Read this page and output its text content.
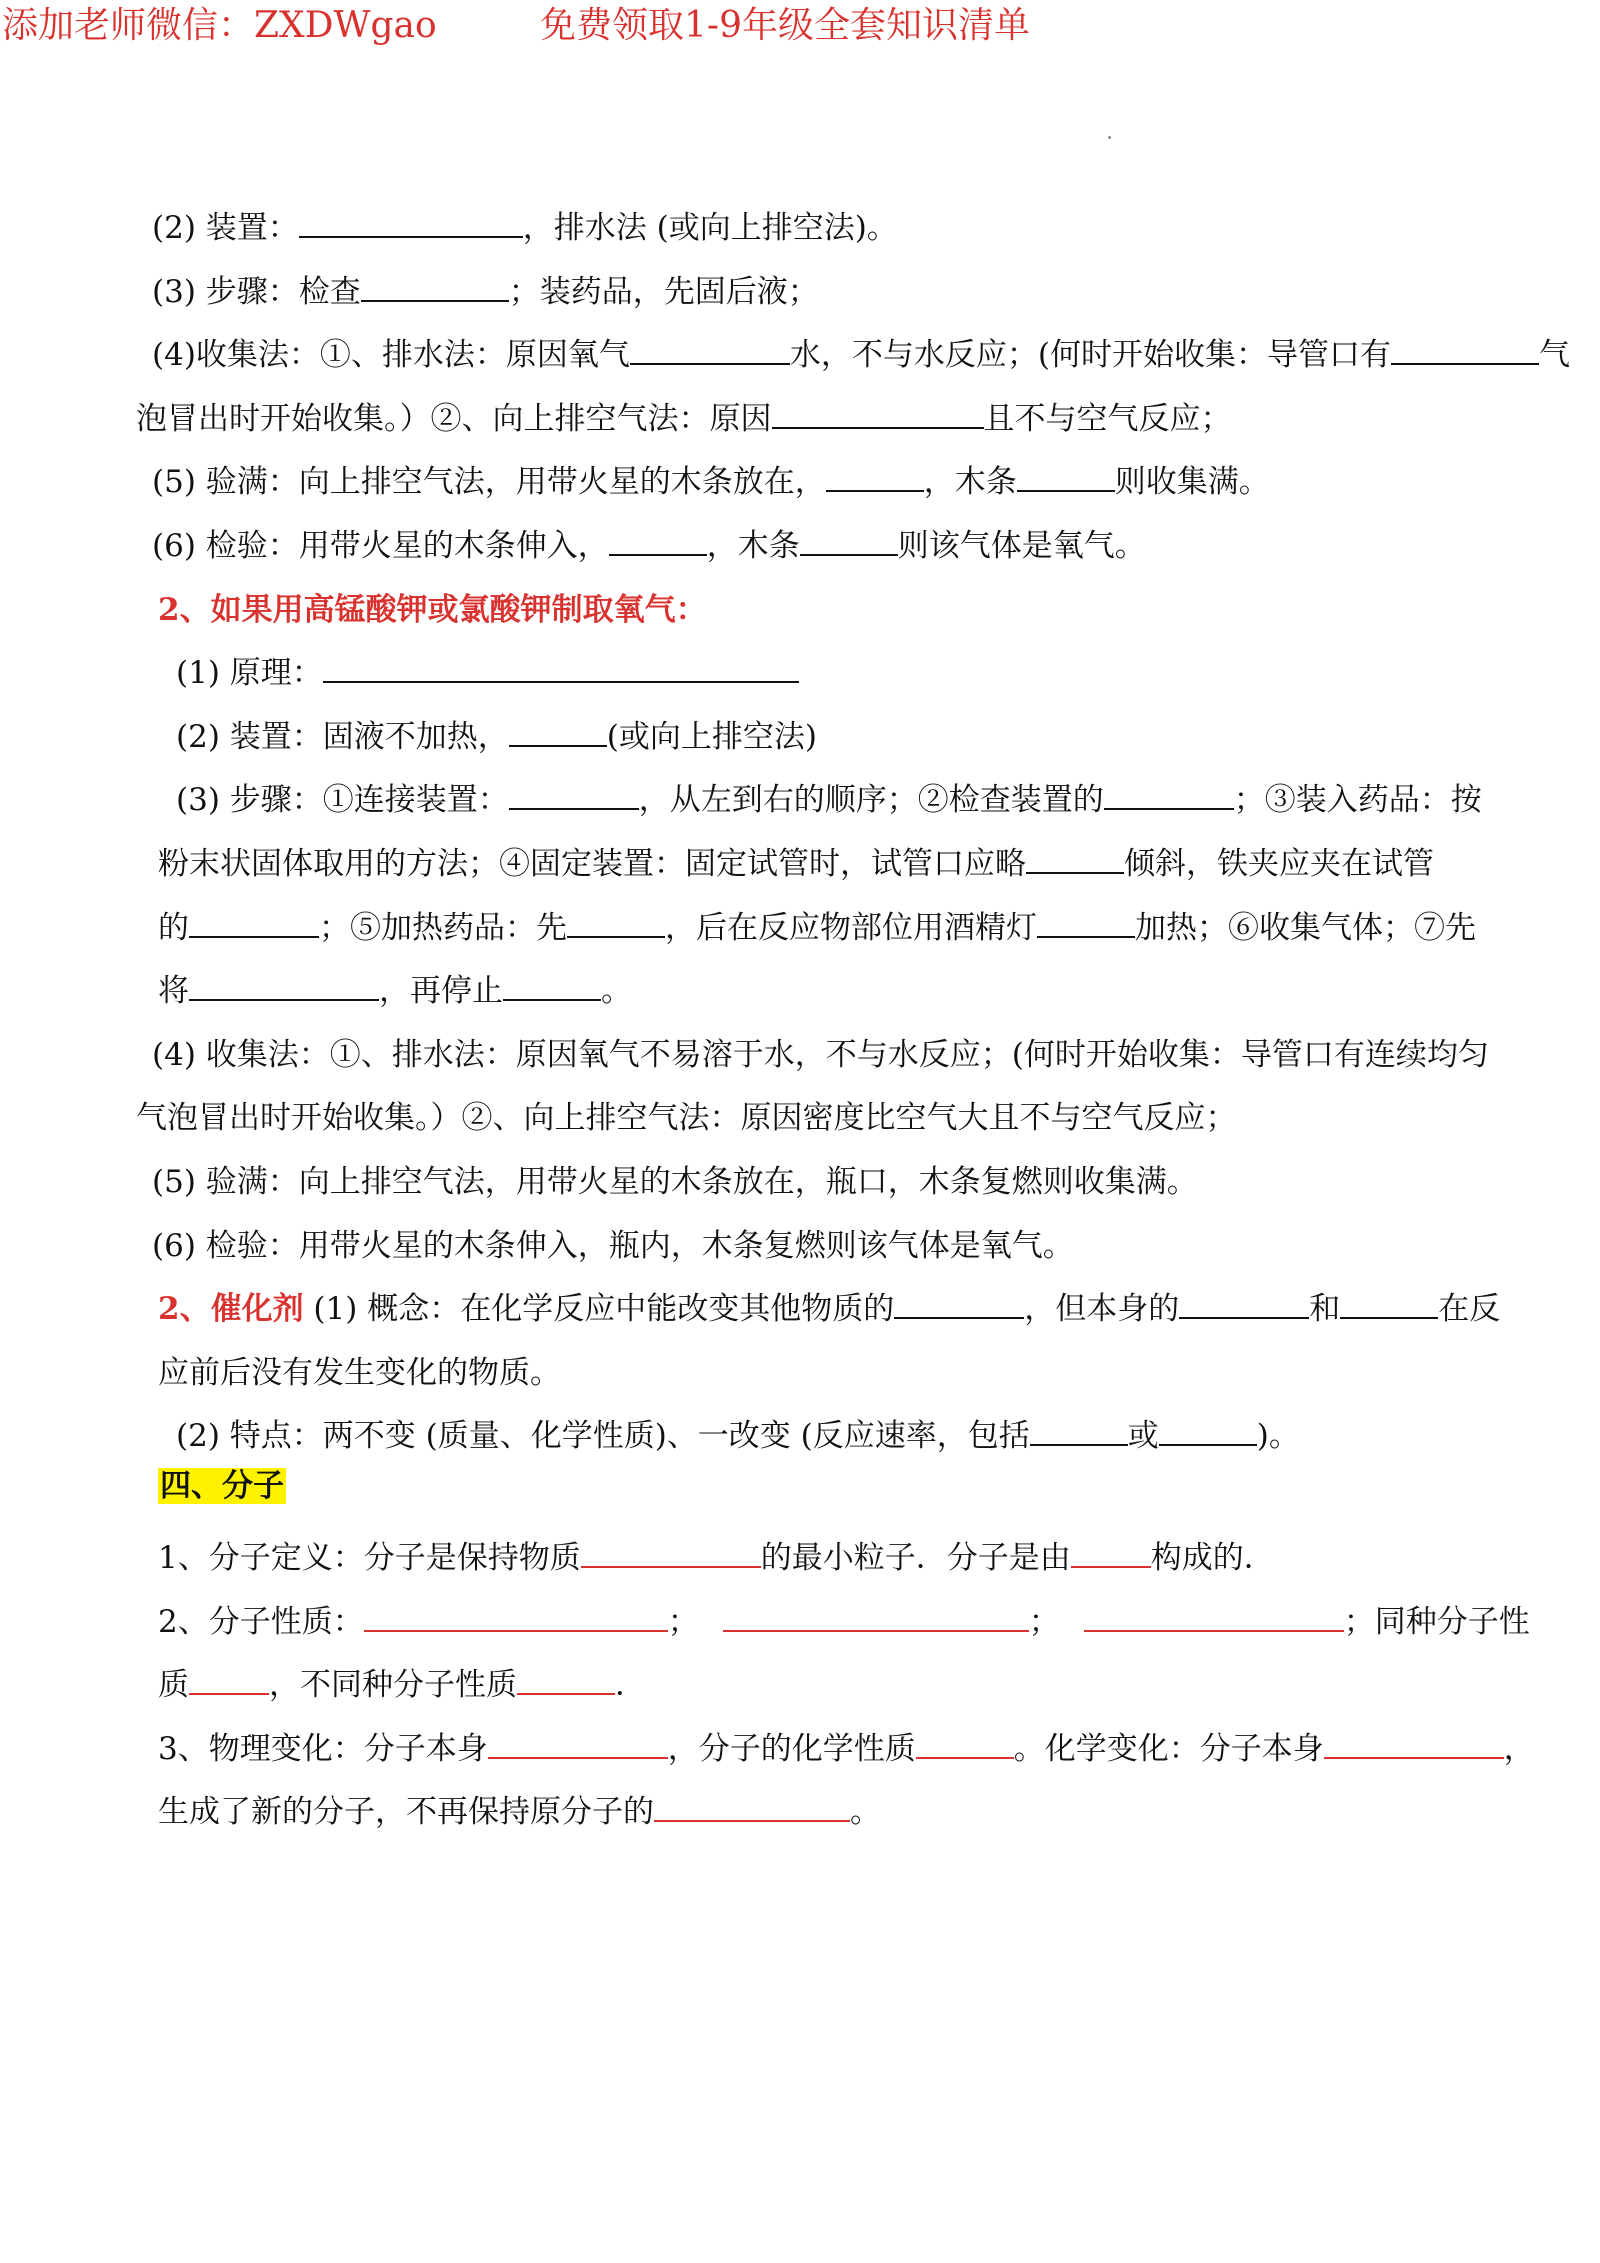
添加老师微信：ZXDWgao	免费领取1-9年级全套知识清单
(2) 装置：	，排水法 (或向上排空法)。
(3) 步骤：检查	；装药品，先固后液；
(4)收集法：①、排水法：原因氧气	水，不与水反应；(何时开始收集：导管口有	气
泡冒出时开始收集。）②、向上排空气法：原因	且不与空气反应；
(5) 验满：向上排空气法，用带火星的木条放在，	，木条	则收集满。
(6) 检验：用带火星的木条伸入，	，木条	则该气体是氧气。
2、如果用高锰酸钾或氯酸钾制取氧气：
(1) 原理：
(2) 装置：固液不加热，	(或向上排空法)
(3) 步骤：①连接装置：	，从左到右的顺序；②检查装置的	；③装入药品：按
粉末状固体取用的方法；④固定装置：固定试管时，试管口应略	倾斜，铁夹应夹在试管
的	；⑤加热药品：先	，后在反应物部位用酒精灯	加热；⑥收集气体；⑦先
将	，再停止	。
(4) 收集法：①、排水法：原因氧气不易溶于水，不与水反应；(何时开始收集：导管口有连续均匀
气泡冒出时开始收集。）②、向上排空气法：原因密度比空气大且不与空气反应；
(5) 验满：向上排空气法，用带火星的木条放在，瓶口，木条复燃则收集满。
(6) 检验：用带火星的木条伸入，瓶内，木条复燃则该气体是氧气。
2、催化剂 (1) 概念：在化学反应中能改变其他物质的	，但本身的	和	在反
应前后没有发生变化的物质。
(2) 特点：两不变 (质量、化学性质)、一改变 (反应速率，包括	或	)。
四、分子
1、分子定义：分子是保持物质	的最小粒子．分子是由	构成的．
2、分子性质：	；	；	；同种分子性
质	，不同种分子性质	．
3、物理变化：分子本身	，分子的化学性质	。化学变化：分子本身	，
生成了新的分子，不再保持原分子的	。
